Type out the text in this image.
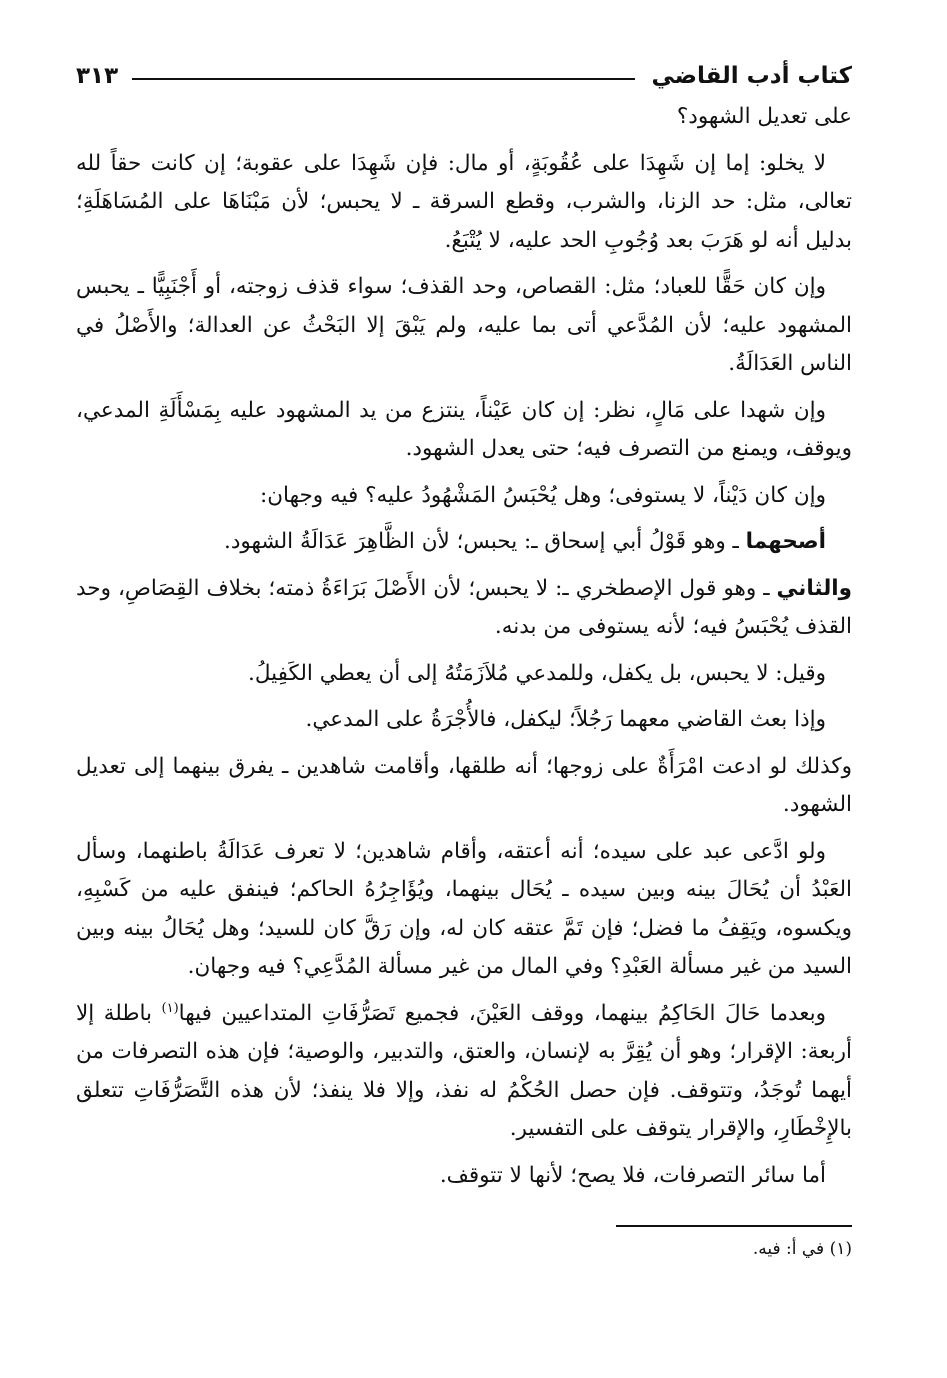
كتاب أدب القاضي
٣١٣

على تعديل الشهود؟

لا يخلو: إما إن شَهِدَا على عُقُوبَةٍ، أو مال: فإن شَهِدَا على عقوبة؛ إن كانت حقاً لله تعالى، مثل: حد الزنا، والشرب، وقطع السرقة ـ لا يحبس؛ لأن مَبْنَاهَا على المُسَاهَلَةِ؛ بدليل أنه لو هَرَبَ بعد وُجُوبِ الحد عليه، لا يُتْبَعُ.

وإن كان حَقًّا للعباد؛ مثل: القصاص، وحد القذف؛ سواء قذف زوجته، أو أَجْنَبِيًّا ـ يحبس المشهود عليه؛ لأن المُدَّعي أتى بما عليه، ولم يَبْقَ إلا البَحْثُ عن العدالة؛ والأَصْلُ في الناس العَدَالَةُ.

وإن شهدا على مَالٍ، نظر: إن كان عَيْناً، ينتزع من يد المشهود عليه بِمَسْأَلَةِ المدعي، ويوقف، ويمنع من التصرف فيه؛ حتى يعدل الشهود.

وإن كان دَيْناً، لا يستوفى؛ وهل يُحْبَسُ المَشْهُودُ عليه؟ فيه وجهان:

أصحهما ـ وهو قَوْلُ أبي إسحاق ـ: يحبس؛ لأن الظَّاهِرَ عَدَالَةُ الشهود.

والثاني ـ وهو قول الإصطخري ـ: لا يحبس؛ لأن الأَصْلَ بَرَاءَةُ ذمته؛ بخلاف القِصَاصِ، وحد القذف يُحْبَسُ فيه؛ لأنه يستوفى من بدنه.

وقيل: لا يحبس، بل يكفل، وللمدعي مُلاَزَمَتُهُ إلى أن يعطي الكَفِيلُ.

وإذا بعث القاضي معهما رَجُلاً؛ ليكفل، فالأُجْرَةُ على المدعي.

وكذلك لو ادعت امْرَأَةٌ على زوجها؛ أنه طلقها، وأقامت شاهدين ـ يفرق بينهما إلى تعديل الشهود.

ولو ادَّعى عبد على سيده؛ أنه أعتقه، وأقام شاهدين؛ لا تعرف عَدَالَةُ باطنهما، وسأل العَبْدُ أن يُحَالَ بينه وبين سيده ـ يُحَال بينهما، ويُؤَاجِرُهُ الحاكم؛ فينفق عليه من كَسْبِهِ، ويكسوه، ويَقِفُ ما فضل؛ فإن تَمَّ عتقه كان له، وإن رَقَّ كان للسيد؛ وهل يُحَالُ بينه وبين السيد من غير مسألة العَبْدِ؟ وفي المال من غير مسألة المُدَّعِي؟ فيه وجهان.

وبعدما حَالَ الحَاكِمُ بينهما، ووقف العَيْنَ، فجميع تَصَرُّفَاتِ المتداعيين فيها$^{(١)}$ باطلة إلا أربعة: الإقرار؛ وهو أن يُقِرَّ به لإنسان، والعتق، والتدبير، والوصية؛ فإن هذه التصرفات من أيهما تُوجَدُ، وتتوقف. فإن حصل الحُكْمُ له نفذ، وإلا فلا ينفذ؛ لأن هذه التَّصَرُّفَاتِ تتعلق بالإِخْطَارِ، والإقرار يتوقف على التفسير.

أما سائر التصرفات، فلا يصح؛ لأنها لا تتوقف.

(١) في أ: فيه.
